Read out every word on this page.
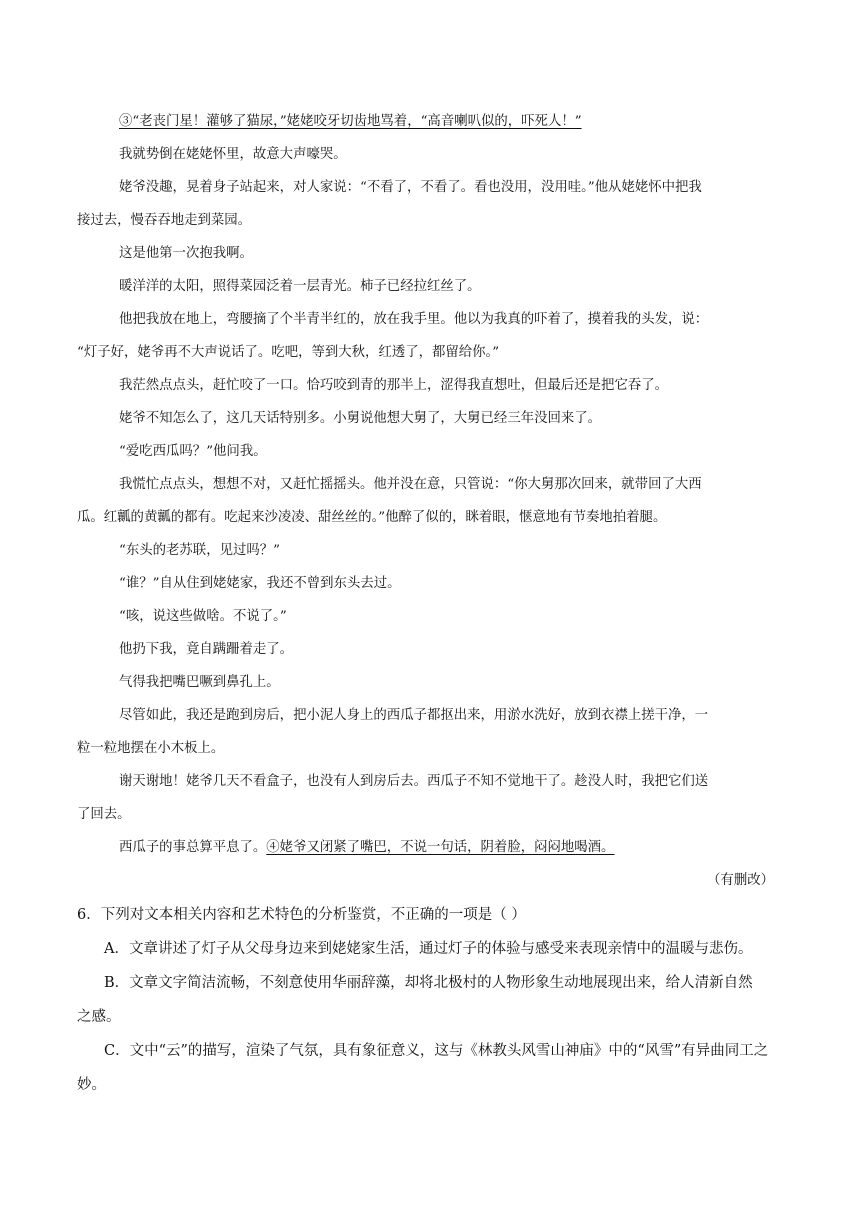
③“老丧门星！灌够了猫尿，”姥姥咬牙切齿地骂着，“高音喇叭似的，吓死人！”
我就势倒在姥姥怀里，故意大声嚎哭。
姥爷没趣，晃着身子站起来，对人家说：“不看了，不看了。看也没用，没用哇。”他从姥姥怀中把我
接过去，慢吞吞地走到菜园。
这是他第一次抱我啊。
暖洋洋的太阳，照得菜园泛着一层青光。柿子已经拉红丝了。
他把我放在地上，弯腰摘了个半青半红的，放在我手里。他以为我真的吓着了，摸着我的头发，说：
“灯子好，姥爷再不大声说话了。吃吧，等到大秋，红透了，都留给你。”
我茫然点点头，赶忙咬了一口。恰巧咬到青的那半上，涩得我直想吐，但最后还是把它吞了。
姥爷不知怎么了，这几天话特别多。小舅说他想大舅了，大舅已经三年没回来了。
“爱吃西瓜吗？”他问我。
我慌忙点点头，想想不对，又赶忙摇摇头。他并没在意，只管说：“你大舅那次回来，就带回了大西
瓜。红瓤的黄瓤的都有。吃起来沙凌凌、甜丝丝的。”他醉了似的，眯着眼，惬意地有节奏地拍着腿。
“东头的老苏联，见过吗？”
“谁？”自从住到姥姥家，我还不曾到东头去过。
“咳，说这些做啥。不说了。”
他扔下我，竟自蹒跚着走了。
气得我把嘴巴噘到鼻孔上。
尽管如此，我还是跑到房后，把小泥人身上的西瓜子都抠出来，用淤水洗好，放到衣襟上搓干净，一
粒一粒地摆在小木板上。
谢天谢地！姥爷几天不看盒子，也没有人到房后去。西瓜子不知不觉地干了。趁没人时，我把它们送
了回去。
西瓜子的事总算平息了。④姥爷又闭紧了嘴巴，不说一句话，阴着脸，闷闷地喝酒。
（有删改）
6．下列对文本相关内容和艺术特色的分析鉴赏，不正确的一项是（ ）
A．文章讲述了灯子从父母身边来到姥姥家生活，通过灯子的体验与感受来表现亲情中的温暖与悲伤。
B．文章文字简洁流畅，不刻意使用华丽辞藻，却将北极村的人物形象生动地展现出来，给人清新自然
之感。
C．文中“云”的描写，渲染了气氛，具有象征意义，这与《林教头风雪山神庙》中的“风雪”有异曲同工之
妙。
